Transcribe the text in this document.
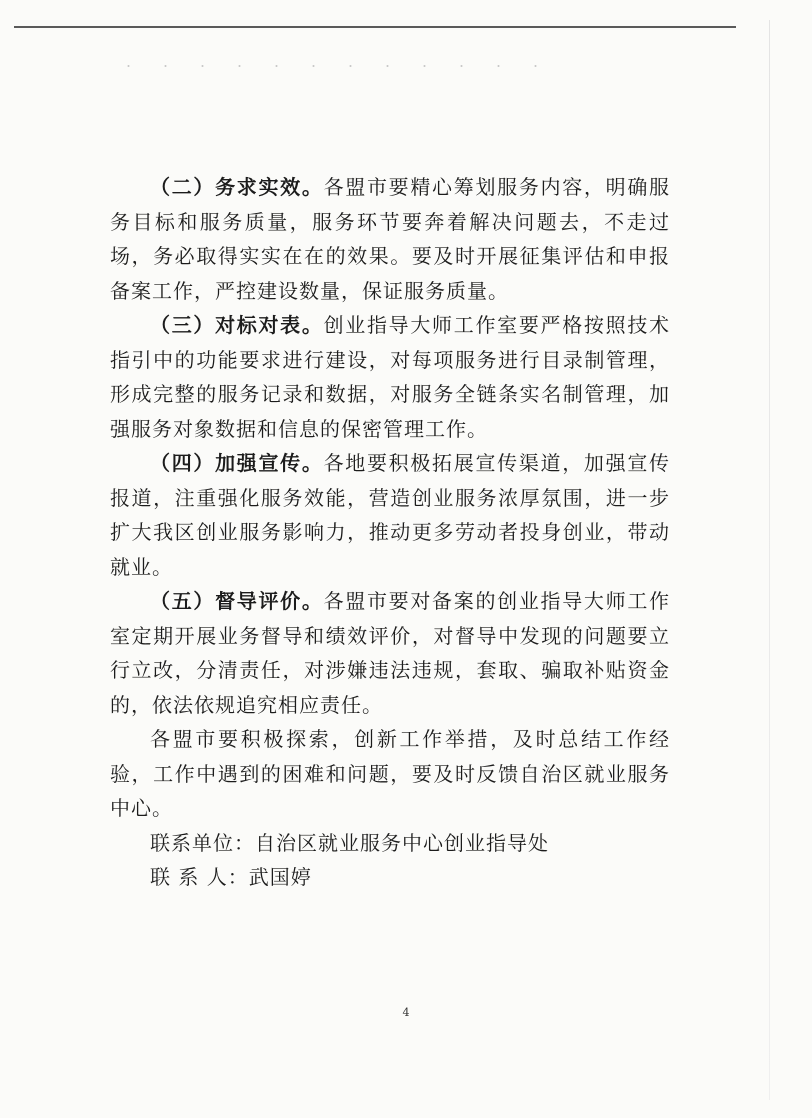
（二）务求实效。各盟市要精心筹划服务内容，明确服务目标和服务质量，服务环节要奔着解决问题去，不走过场，务必取得实实在在的效果。要及时开展征集评估和申报备案工作，严控建设数量，保证服务质量。

（三）对标对表。创业指导大师工作室要严格按照技术指引中的功能要求进行建设，对每项服务进行目录制管理，形成完整的服务记录和数据，对服务全链条实名制管理，加强服务对象数据和信息的保密管理工作。

（四）加强宣传。各地要积极拓展宣传渠道，加强宣传报道，注重强化服务效能，营造创业服务浓厚氛围，进一步扩大我区创业服务影响力，推动更多劳动者投身创业，带动就业。

（五）督导评价。各盟市要对备案的创业指导大师工作室定期开展业务督导和绩效评价，对督导中发现的问题要立行立改，分清责任，对涉嫌违法违规，套取、骗取补贴资金的，依法依规追究相应责任。

各盟市要积极探索，创新工作举措，及时总结工作经验，工作中遇到的困难和问题，要及时反馈自治区就业服务中心。

联系单位：自治区就业服务中心创业指导处

联 系 人：武国婷

4
